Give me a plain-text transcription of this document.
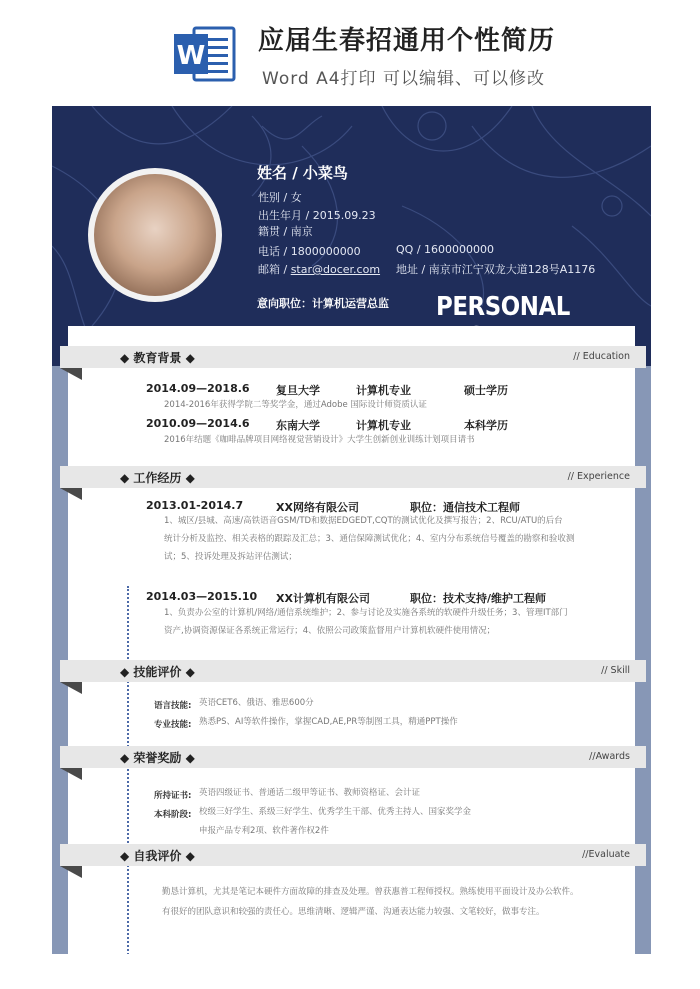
W 应届生春招通用个性简历
Word A4打印 可以编辑、可以修改
姓名 / 小菜鸟
性别 / 女
出生年月 / 2015.09.23
籍贯 / 南京
电话 / 1800000000	QQ / 1600000000
邮箱 / star@docer.com 地址 / 南京市江宁双龙大道128号A1176
意向职位：计算机运营总监 PERSONAL
◆ 教育背景 ◆	// Education
2014.09—2018.6 复旦大学	计算机专业	硕士学历
2014-2016年获得学院二等奖学金，通过Adobe 国际设计师资质认证
2010.09—2014.6 东南大学	计算机专业	本科学历
2016年结题《咖啡品牌项目网络视觉营销设计》大学生创新创业训练计划项目请书
◆ 工作经历 ◆	// Experience
2013.01-2014.7	XX网络有限公司	职位：通信技术工程师
1、城区/县城、高速/高铁语音GSM/TD和数据EDGEDT,CQT的测试优化及撰写报告；2、RCU/ATU的后台
统计分析及监控、相关表格的跟踪及汇总；3、通信保障测试优化；4、室内分布系统信号覆盖的勘察和验收测
试；5、投诉处理及拆站评估测试；
2014.03—2015.10 XX计算机有限公司	职位：技术支持/维护工程师
1、负责办公室的计算机/网络/通信系统维护；2、参与讨论及实施各系统的软硬件升级任务；3、管理IT部门
资产,协调资源保证各系统正常运行；4、依照公司政策监督用户计算机软硬件使用情况；
◆ 技能评价 ◆	// Skill
语言技能: 英语CET6、俄语、雅思600分
专业技能: 熟悉PS、AI等软件操作，掌握CAD,AE,PR等制图工具，精通PPT操作
◆ 荣誉奖励 ◆	//Awards
所持证书: 英语四级证书、普通话二级甲等证书、教师资格证、会计证
本科阶段: 校级三好学生、系级三好学生、优秀学生干部、优秀主持人、国家奖学金
申报产品专利2项、软件著作权2件
◆ 自我评价 ◆	//Evaluate
勤恳计算机，尤其是笔记本硬件方面故障的排查及处理。曾获惠普工程师授权。熟练使用平面设计及办公软件。
有很好的团队意识和较强的责任心。思维清晰、逻辑严谨、沟通表达能力较强、文笔较好，做事专注。
